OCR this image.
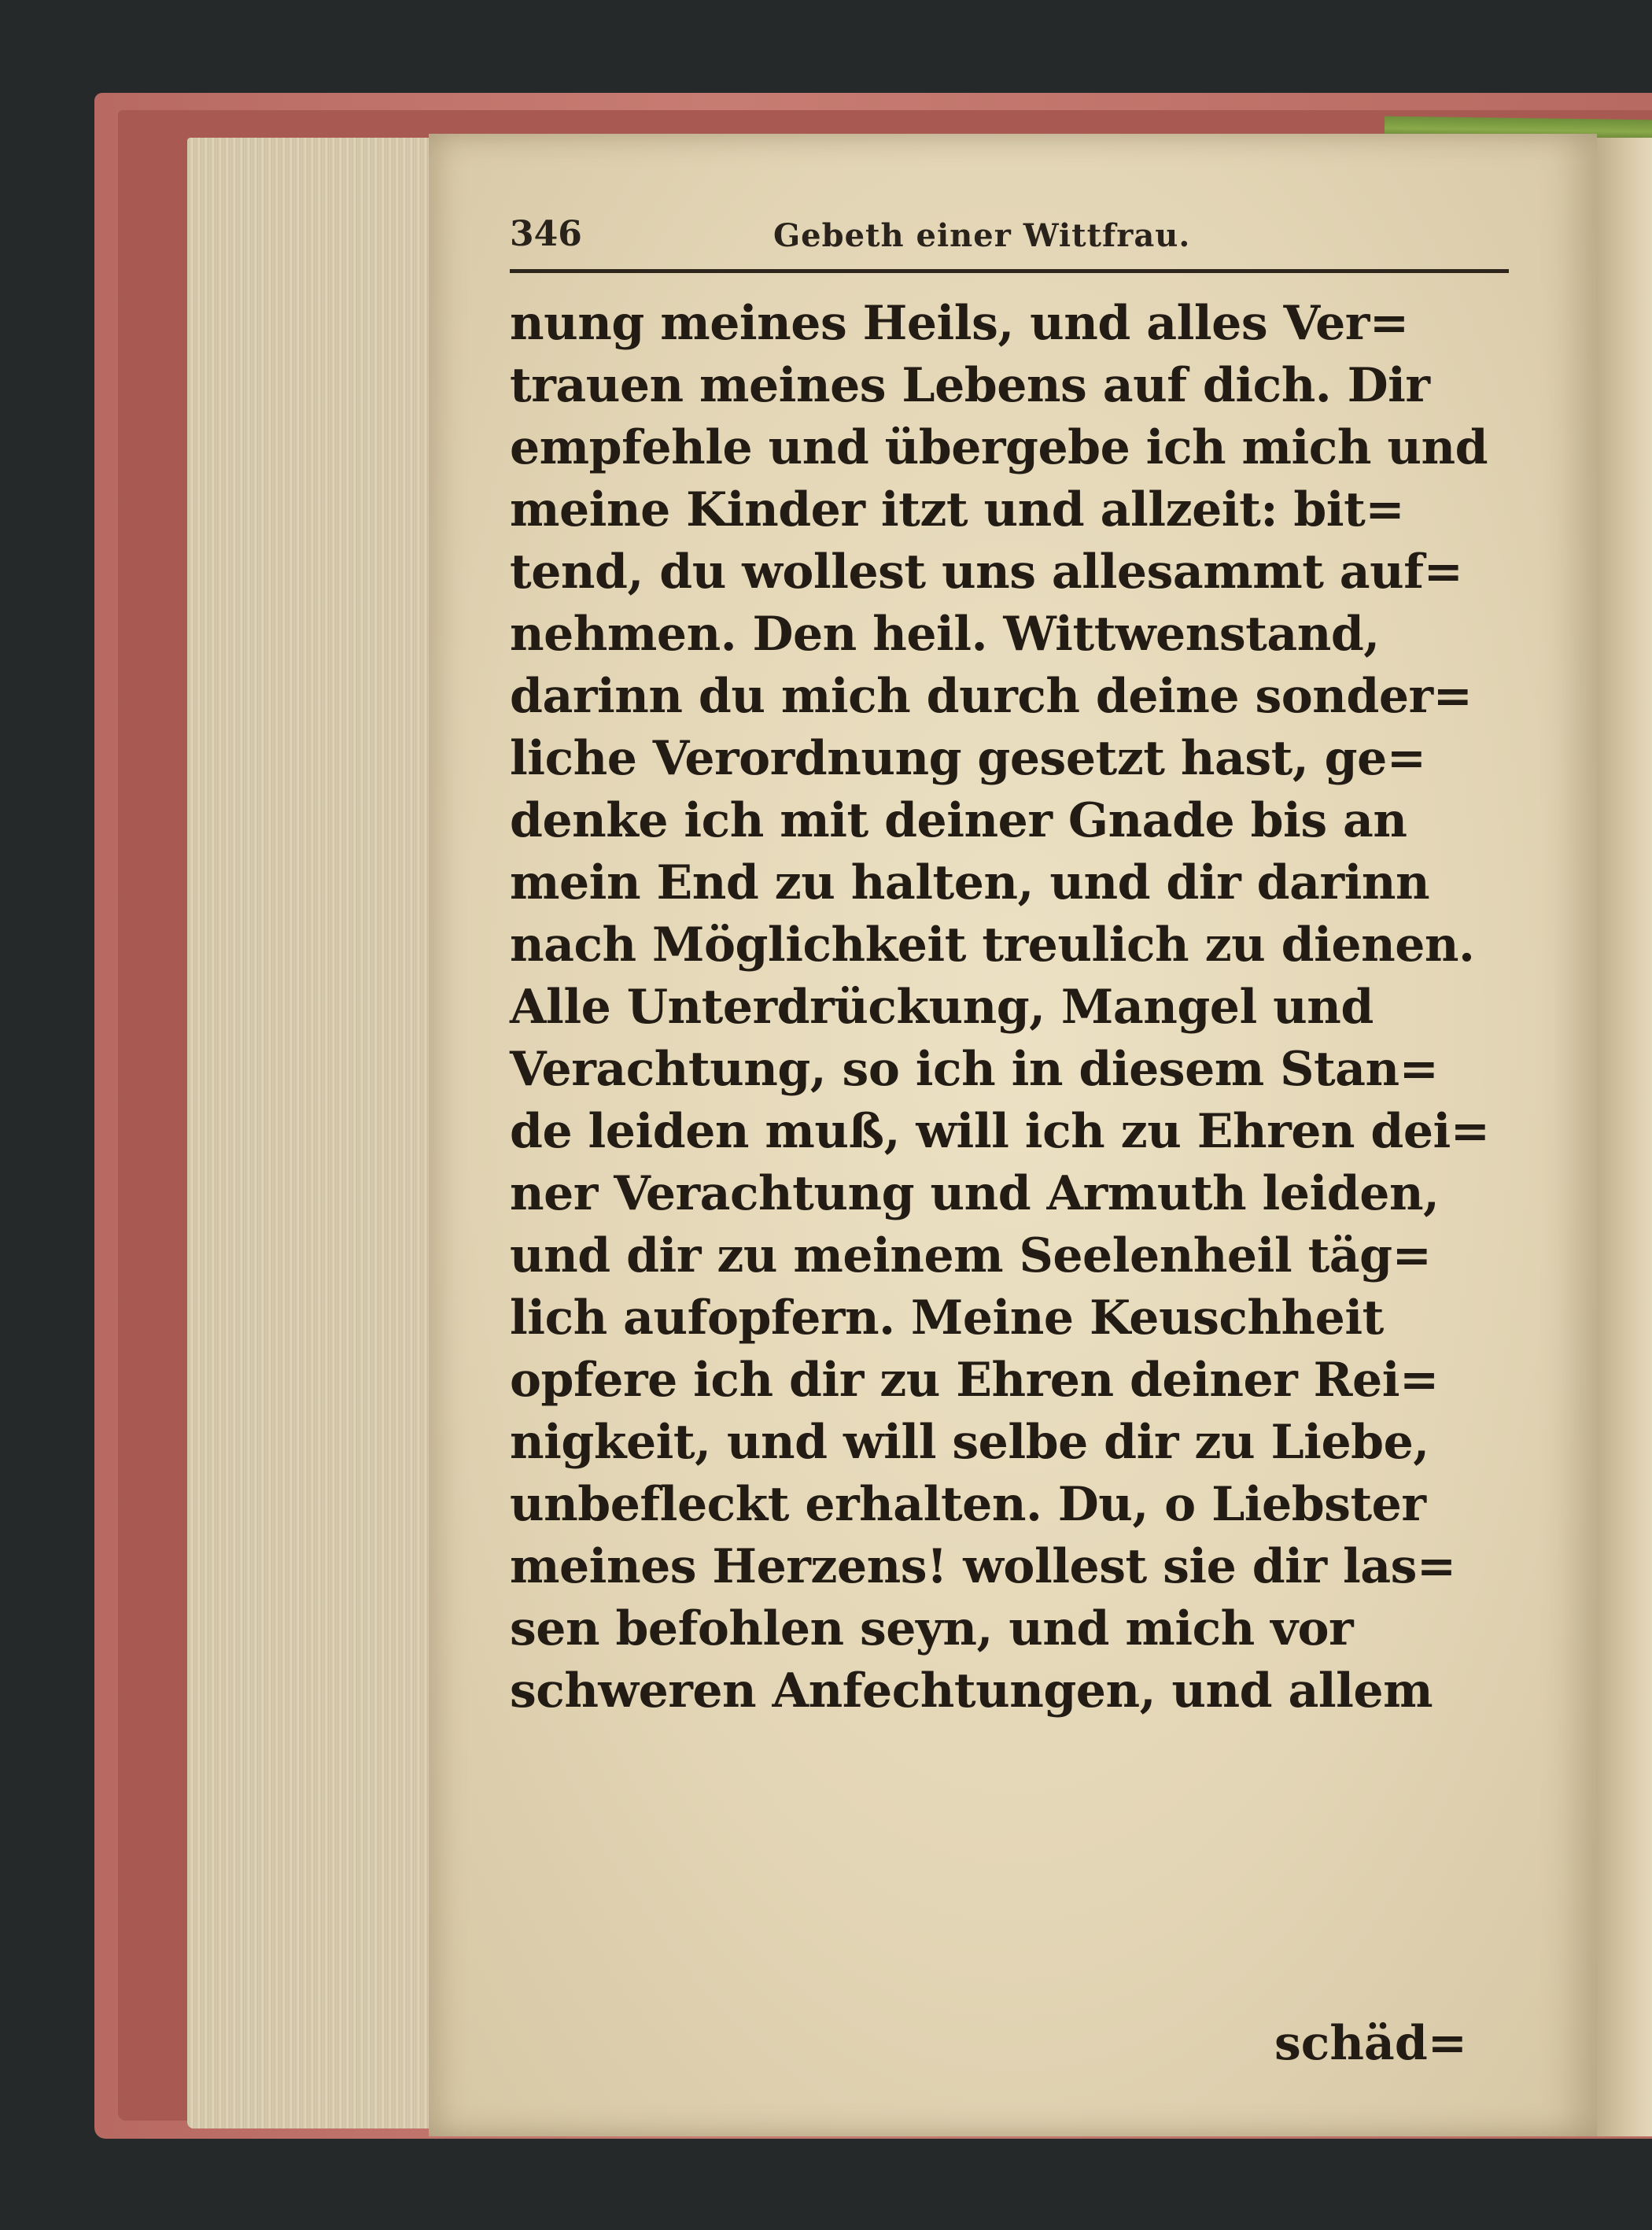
346	Gebeth einer Wittfrau.
nung meines Heils, und alles Ver=
trauen meines Lebens auf dich. Dir
empfehle und übergebe ich mich und
meine Kinder itzt und allzeit: bit=
tend, du wollest uns allesammt auf=
nehmen. Den heil. Wittwenstand,
darinn du mich durch deine sonder=
liche Verordnung gesetzt hast, ge=
denke ich mit deiner Gnade bis an
mein End zu halten, und dir darinn
nach Möglichkeit treulich zu dienen.
Alle Unterdrückung, Mangel und
Verachtung, so ich in diesem Stan=
de leiden muß, will ich zu Ehren dei=
ner Verachtung und Armuth leiden,
und dir zu meinem Seelenheil täg=
lich aufopfern. Meine Keuschheit
opfere ich dir zu Ehren deiner Rei=
nigkeit, und will selbe dir zu Liebe,
unbefleckt erhalten. Du, o Liebster
meines Herzens! wollest sie dir las=
sen befohlen seyn, und mich vor
schweren Anfechtungen, und allem
schäd=
